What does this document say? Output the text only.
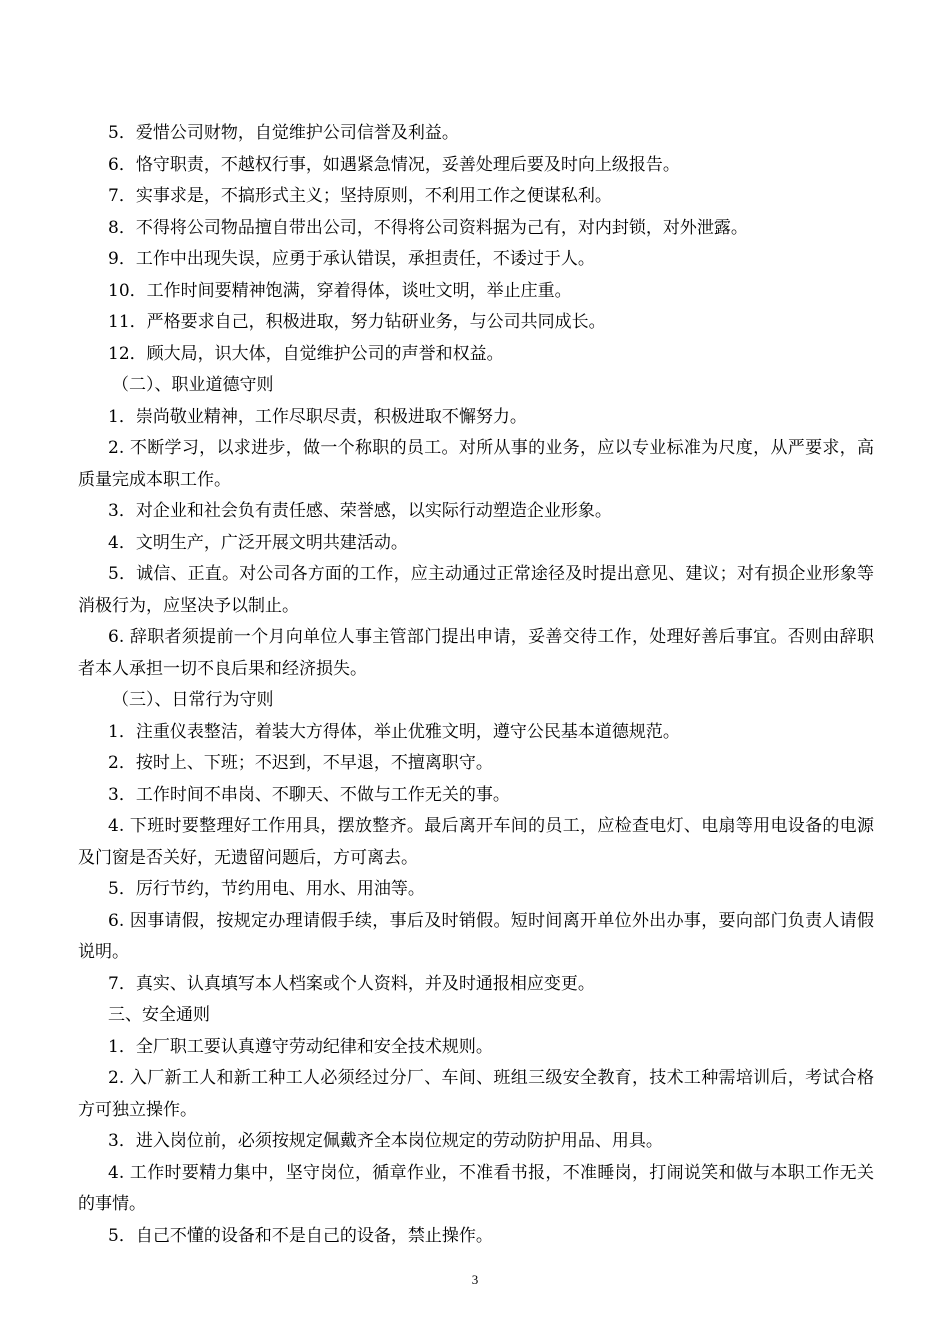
5．爱惜公司财物，自觉维护公司信誉及利益。

6．恪守职责，不越权行事，如遇紧急情况，妥善处理后要及时向上级报告。

7．实事求是，不搞形式主义；坚持原则，不利用工作之便谋私利。

8．不得将公司物品擅自带出公司，不得将公司资料据为己有，对内封锁，对外泄露。

9．工作中出现失误，应勇于承认错误，承担责任，不诿过于人。

10．工作时间要精神饱满，穿着得体，谈吐文明，举止庄重。

11．严格要求自己，积极进取，努力钻研业务，与公司共同成长。

12．顾大局，识大体，自觉维护公司的声誉和权益。

（二）、职业道德守则

1．崇尚敬业精神，工作尽职尽责，积极进取不懈努力。

2. 不断学习，以求进步，做一个称职的员工。对所从事的业务，应以专业标准为尺度，从严要求，高质量完成本职工作。

3．对企业和社会负有责任感、荣誉感，以实际行动塑造企业形象。

4．文明生产，广泛开展文明共建活动。

5．诚信、正直。对公司各方面的工作，应主动通过正常途径及时提出意见、建议；对有损企业形象等消极行为，应坚决予以制止。

6. 辞职者须提前一个月向单位人事主管部门提出申请，妥善交待工作，处理好善后事宜。否则由辞职者本人承担一切不良后果和经济损失。

（三）、日常行为守则

1．注重仪表整洁，着装大方得体，举止优雅文明，遵守公民基本道德规范。

2．按时上、下班；不迟到，不早退，不擅离职守。

3．工作时间不串岗、不聊天、不做与工作无关的事。

4. 下班时要整理好工作用具，摆放整齐。最后离开车间的员工，应检查电灯、电扇等用电设备的电源及门窗是否关好，无遗留问题后，方可离去。

5．厉行节约，节约用电、用水、用油等。

6. 因事请假，按规定办理请假手续，事后及时销假。短时间离开单位外出办事，要向部门负责人请假说明。

7．真实、认真填写本人档案或个人资料，并及时通报相应变更。

三、安全通则

1．全厂职工要认真遵守劳动纪律和安全技术规则。

2. 入厂新工人和新工种工人必须经过分厂、车间、班组三级安全教育，技术工种需培训后，考试合格方可独立操作。

3．进入岗位前，必须按规定佩戴齐全本岗位规定的劳动防护用品、用具。

4. 工作时要精力集中，坚守岗位，循章作业，不准看书报，不准睡岗，打闹说笑和做与本职工作无关的事情。

5．自己不懂的设备和不是自己的设备，禁止操作。

3
